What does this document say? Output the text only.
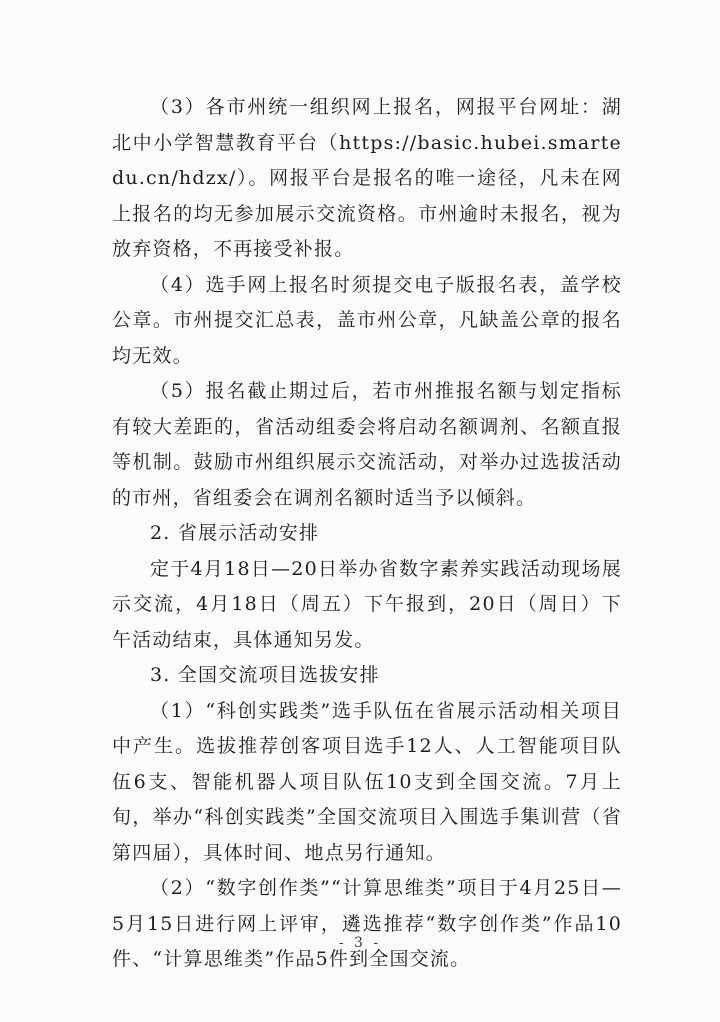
（3）各市州统一组织网上报名，网报平台网址：湖北中小学智慧教育平台（https://basic.hubei.smartedu.cn/hdzx/）。网报平台是报名的唯一途径，凡未在网上报名的均无参加展示交流资格。市州逾时未报名，视为放弃资格，不再接受补报。

（4）选手网上报名时须提交电子版报名表，盖学校公章。市州提交汇总表，盖市州公章，凡缺盖公章的报名均无效。

（5）报名截止期过后，若市州推报名额与划定指标有较大差距的，省活动组委会将启动名额调剂、名额直报等机制。鼓励市州组织展示交流活动，对举办过选拔活动的市州，省组委会在调剂名额时适当予以倾斜。

2. 省展示活动安排

定于4月18日—20日举办省数字素养实践活动现场展示交流，4月18日（周五）下午报到，20日（周日）下午活动结束，具体通知另发。

3. 全国交流项目选拔安排

（1）“科创实践类”选手队伍在省展示活动相关项目中产生。选拔推荐创客项目选手12人、人工智能项目队伍6支、智能机器人项目队伍10支到全国交流。7月上旬，举办“科创实践类”全国交流项目入围选手集训营（省第四届），具体时间、地点另行通知。

（2）“数字创作类”“计算思维类”项目于4月25日—5月15日进行网上评审，遴选推荐“数字创作类”作品10件、“计算思维类”作品5件到全国交流。

- 3 -
